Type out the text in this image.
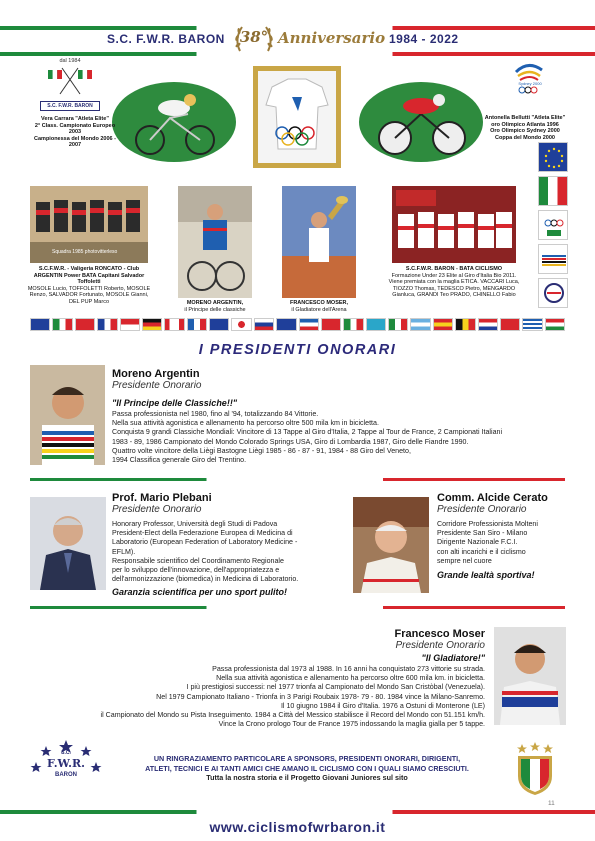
S.C. F.W.R. BARON 38° Anniversario 1984 - 2022
dal 1984
S.C. F.W.R. BARON
Vera Carrara "Atleta Elite"
2° Class. Campionato Europeo 2003
Campionessa del Mondo 2006 - 2007
Sydney 2000
Antonella Bellutti "Atleta Elite"
oro Olimpico Atlanta 1996
Oro Olimpico Sydney 2000
Coppa del Mondo 2000
Squadra 1985 photovitterleso
S.C.F.W.R. - Valigeria RONCATO - Club ARGENTIN Power BATA Capitani Salvador Toffoletti
MOSOLE Lucio, TOFFOLETTI Roberto, MOSOLE Renzo, SALVADOR Fortunato, MOSOLE Gianni, DEL PUP Marco	MORENO ARGENTIN,
il Principe delle classiche
FRANCESCO MOSER,
il Gladiatore dell'Arena
S.C.F.W.R. BARON - BATA CICLISMO
Formazione Under 23 Elite al Giro d'Italia Bio 2011. Viene premiata con la maglia ETICA. VACCARI Luca, TIOZZO Thomas, TEDESCO Pietro, MENGARDO Gianluca, GRANDI Teo PRADO, CHINELLO Fabio
I PRESIDENTI ONORARI
Moreno Argentin
Presidente Onorario
"Il Principe delle Classiche!!"
Passa professionista nel 1980, fino al '94, totalizzando 84 Vittorie.
Nella sua attività agonistica e allenamento ha percorso oltre 500 mila km in bicicletta.
Conquista 9 grandi Classiche Mondiali: Vincitore di 13 Tappe al Giro d'Italia, 2 Tappe al Tour de France, 2 Campionati Italiani
1983 - 89, 1986 Campionato del Mondo Colorado Springs USA, Giro di Lombardia 1987, Giro delle Fiandre 1990.
Quattro volte vincitore della Liègi Bastogne Liègi 1985 - 86 - 87 - 91, 1984 - 88 Giro del Veneto,
1994 Classifica generale Giro del Trentino.
Prof. Mario Plebani
Presidente Onorario
Honorary Professor, Università degli Studi di Padova
President-Elect della Federazione Europea di Medicina di
Laboratorio (European Federation of Laboratory Medicine -
EFLM).
Responsabile scientifico del Coordinamento Regionale
per lo sviluppo dell'innovazione, dell'appropriatezza e
dell'armonizzazione (biomedica) in Medicina di Laboratorio.
Garanzia scientifica per uno sport pulito!
Comm. Alcide Cerato
Presidente Onorario
Corridore Professionista Molteni
Presidente San Siro - Milano
Dirigente Nazionale F.C.I.
con alti incarichi e il ciclismo
sempre nel cuore
Grande lealtà sportiva!
Francesco Moser
Presidente Onorario
"Il Gladiatore!"
Passa professionista dal 1973 al 1988. In 16 anni ha conquistato 273 vittorie su strada.
Nella sua attività agonistica e allenamento ha percorso oltre 600 mila km. in bicicletta.
I più prestigiosi successi: nel 1977 trionfa al Campionato del Mondo San Cristòbal (Venezuela).
Nel 1979 Campionato Italiano - Trionfa in 3 Parigi Roubaix 1978- 79 - 80. 1984 vince la Milano-Sanremo.
Il 10 giugno 1984 il Giro d'Italia. 1976 a Ostuni di Monterone (LE)
il Campionato del Mondo su Pista Inseguimento. 1984 a Città del Messico stabilisce il Record del Mondo con 51.151 km/h.
Vince la Crono prologo Tour de France 1975 indossando la maglia gialla per 5 tappe.
S.C.
F.W.R.
BARON
UN RINGRAZIAMENTO PARTICOLARE A SPONSORS, PRESIDENTI ONORARI, DIRIGENTI,
ATLETI, TECNICI E AI TANTI AMICI CHE AMANO IL CICLISMO CON I QUALI SIAMO CRESCIUTI.
Tutta la nostra storia e il Progetto Giovani Juniores sul sito
11
www.ciclismofwrbaron.it
